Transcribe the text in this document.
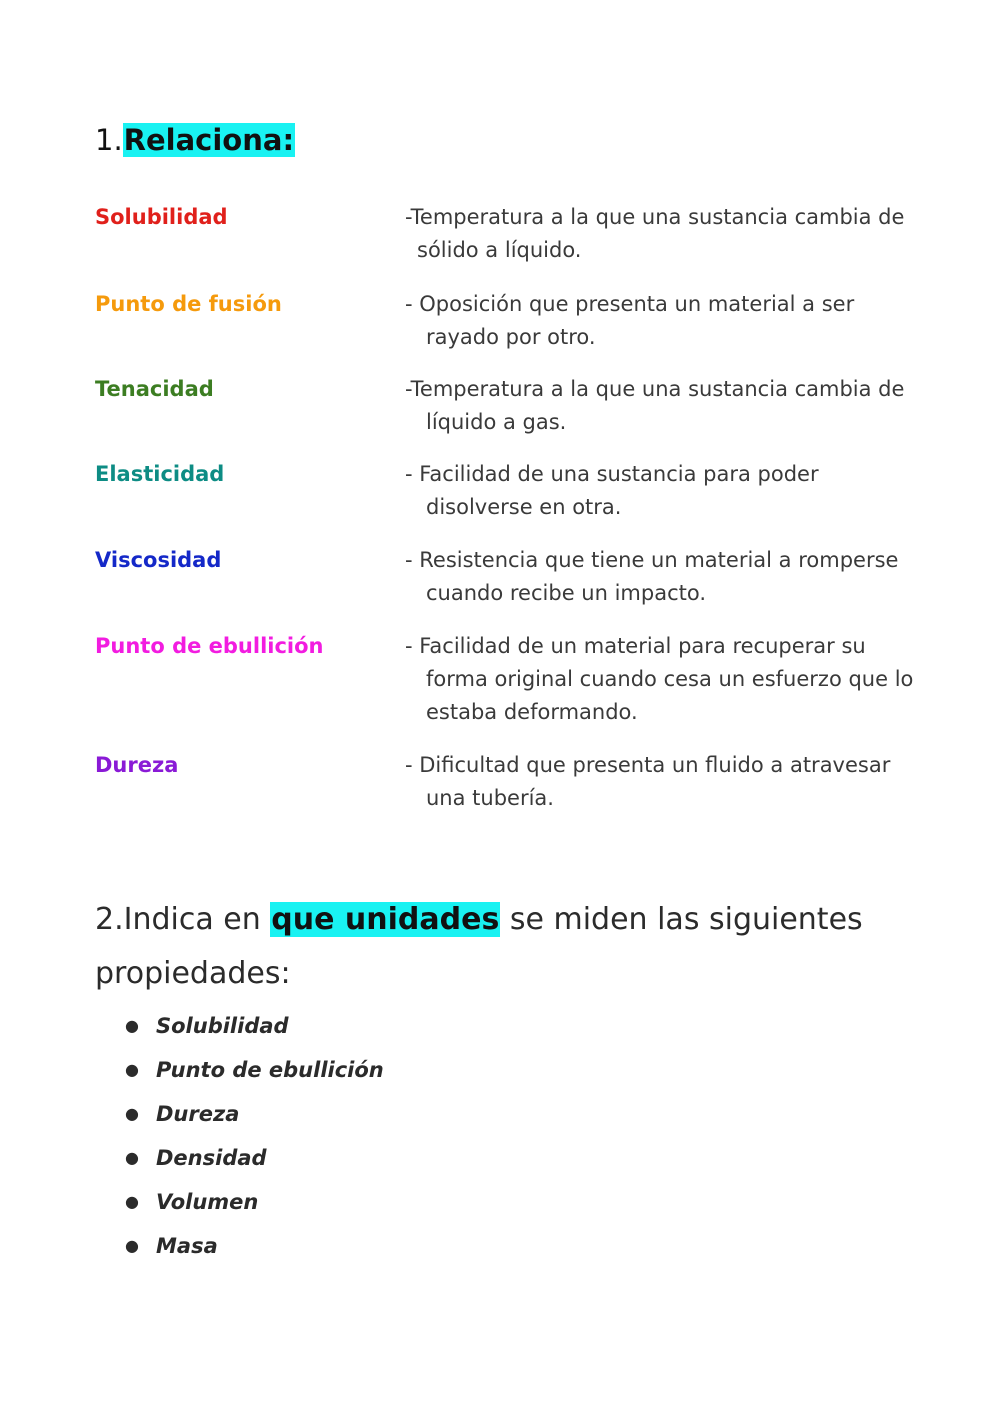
1.Relaciona:
Solubilidad	-Temperatura a la que una sustancia cambia de
sólido a líquido.
Punto de fusión	- Oposición que presenta un material a ser
rayado por otro.
Tenacidad	-Temperatura a la que una sustancia cambia de
líquido a gas.
Elasticidad	- Facilidad de una sustancia para poder
disolverse en otra.
Viscosidad	- Resistencia que tiene un material a romperse
cuando recibe un impacto.
Punto de ebullición	- Facilidad de un material para recuperar su
forma original cuando cesa un esfuerzo que lo
estaba deformando.
Dureza	- Dificultad que presenta un fluido a atravesar
una tubería.
2.Indica en que unidades se miden las siguientes propiedades:
● Solubilidad
● Punto de ebullición
● Dureza
● Densidad
● Volumen
● Masa
